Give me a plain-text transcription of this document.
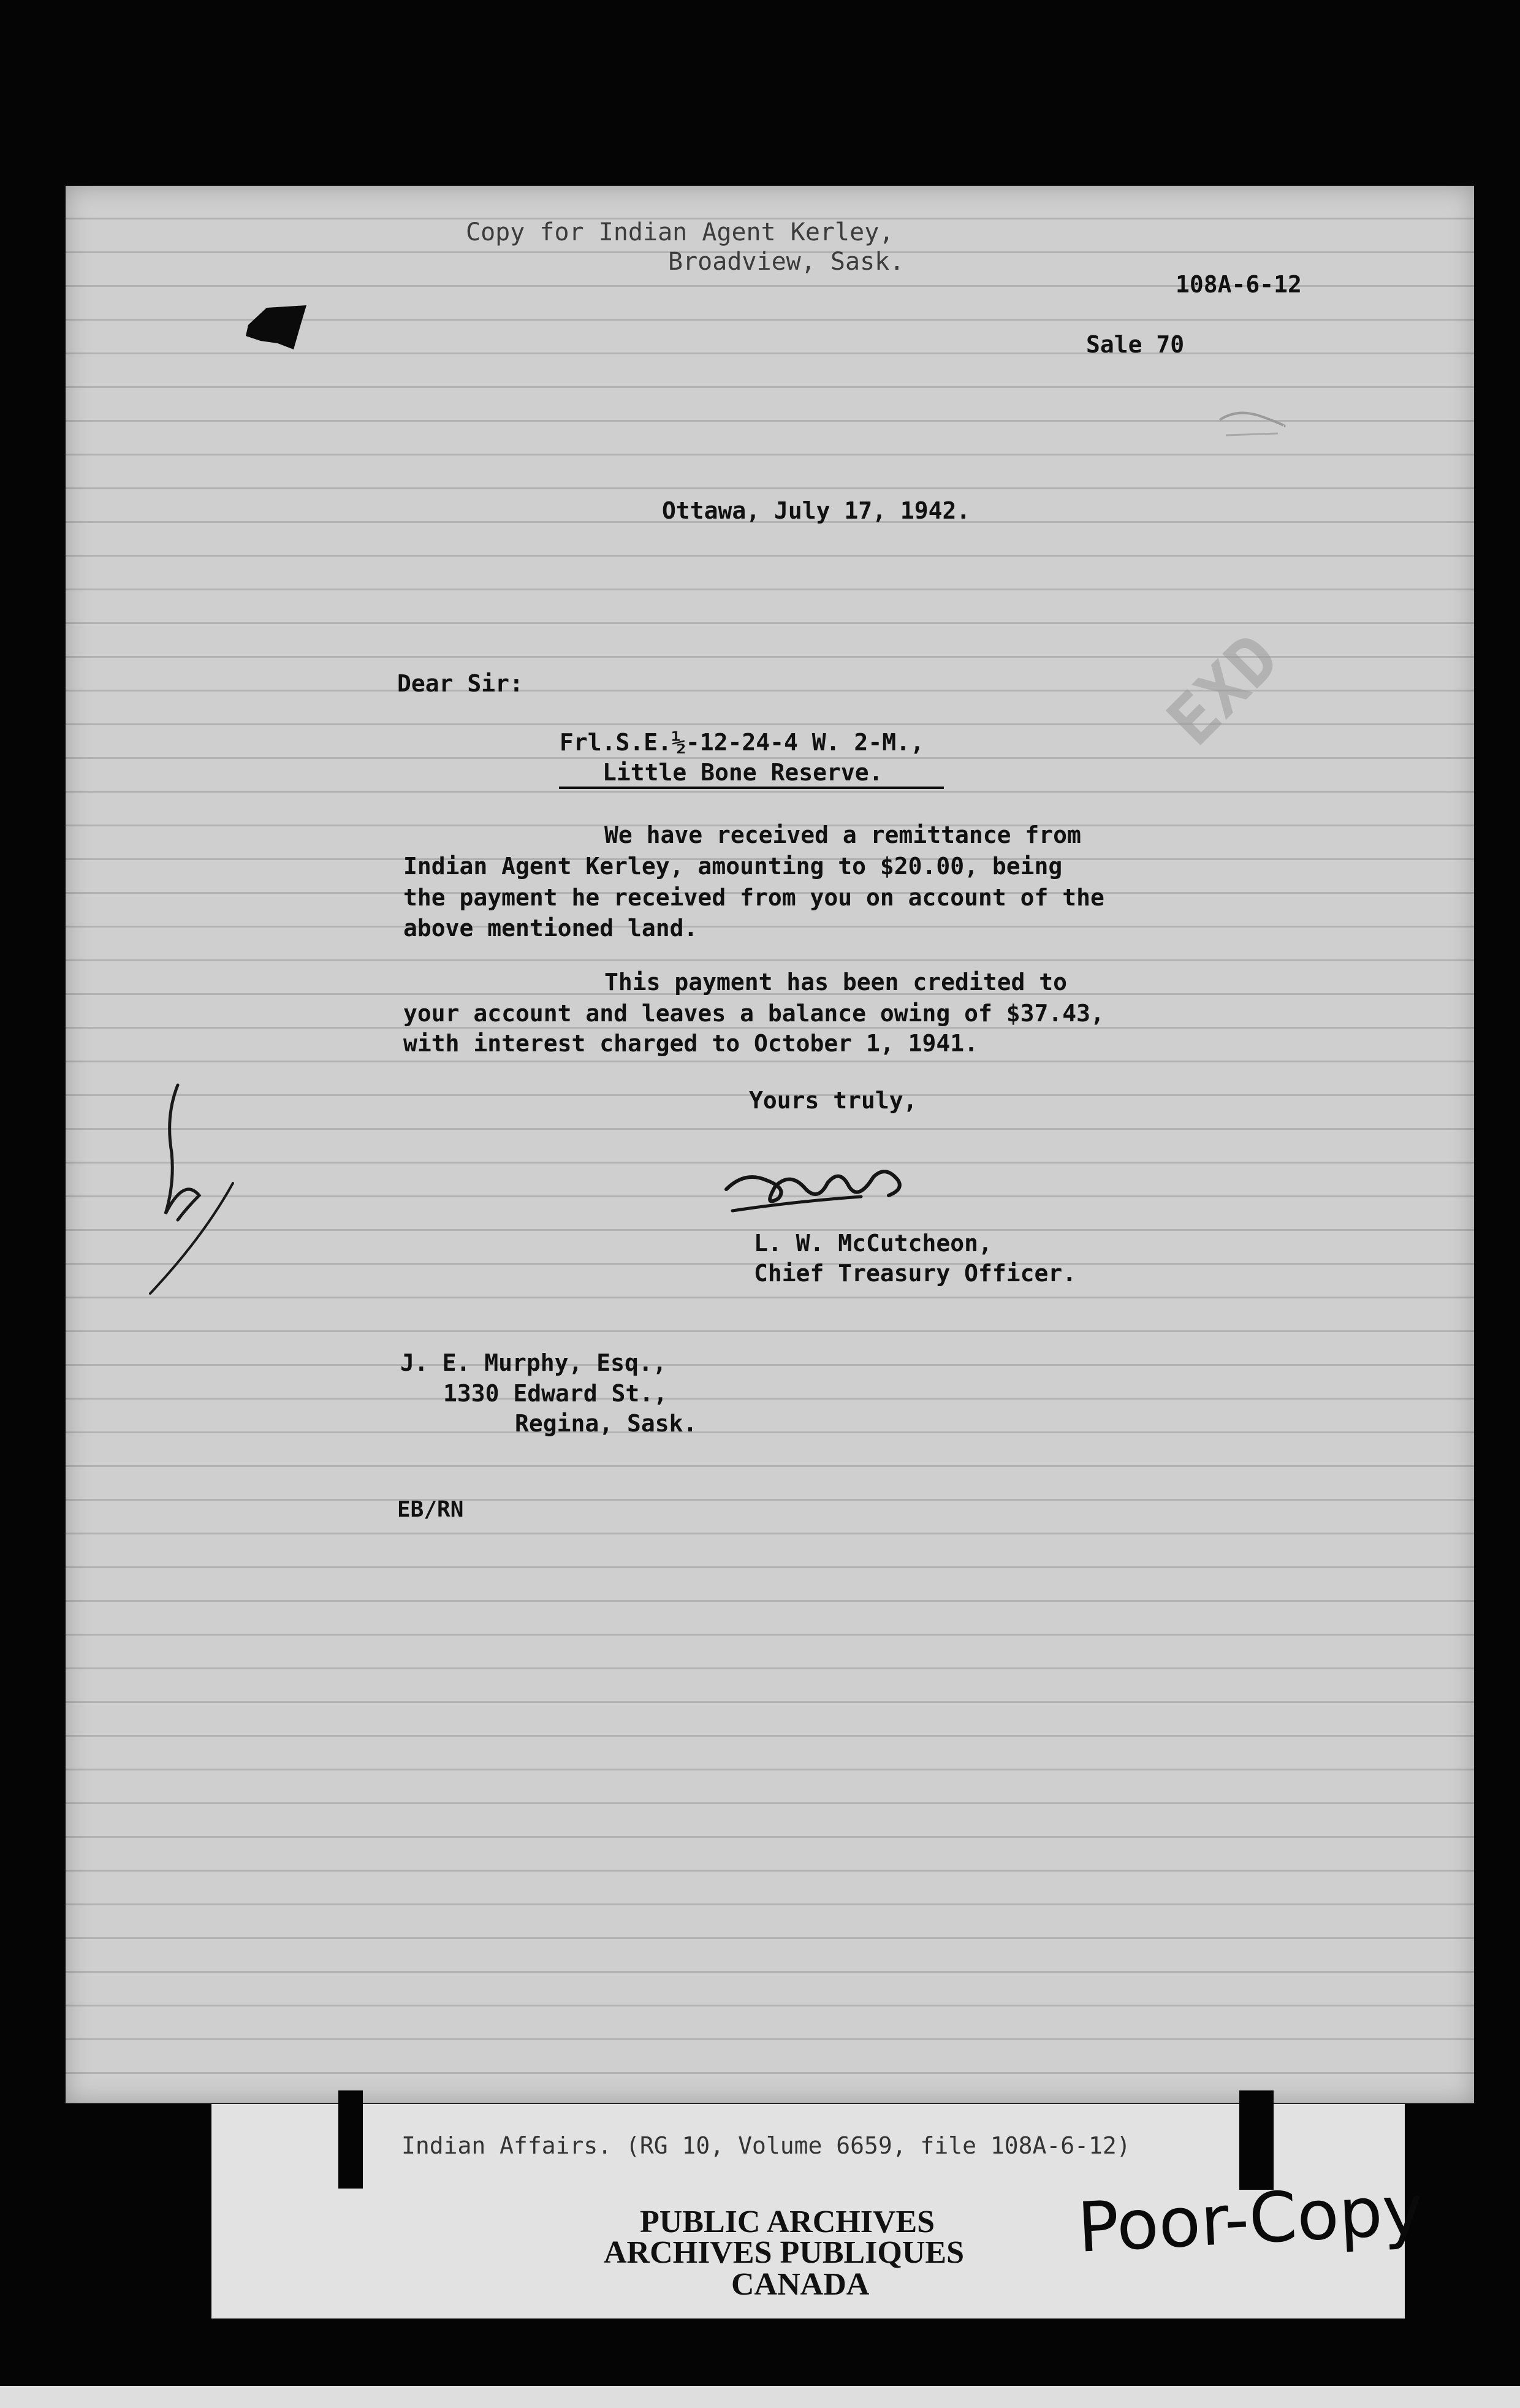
Copy for Indian Agent Kerley,
Broadview, Sask.
108A-6-12
Sale 70
Ottawa, July 17, 1942.
EXD
Dear Sir:
Frl.S.E.½-12-24-4 W. 2-M.,
Little Bone Reserve.
We have received a remittance from
Indian Agent Kerley, amounting to $20.00, being
the payment he received from you on account of the
above mentioned land.
This payment has been credited to
your account and leaves a balance owing of $37.43,
with interest charged to October 1, 1941.
Yours truly,
L. W. McCutcheon,
Chief Treasury Officer.
J. E. Murphy, Esq.,
1330 Edward St.,
Regina, Sask.
EB/RN
Indian Affairs. (RG 10, Volume 6659, file 108A-6-12)
PUBLIC ARCHIVES
ARCHIVES PUBLIQUES
CANADA
Poor-Copy
